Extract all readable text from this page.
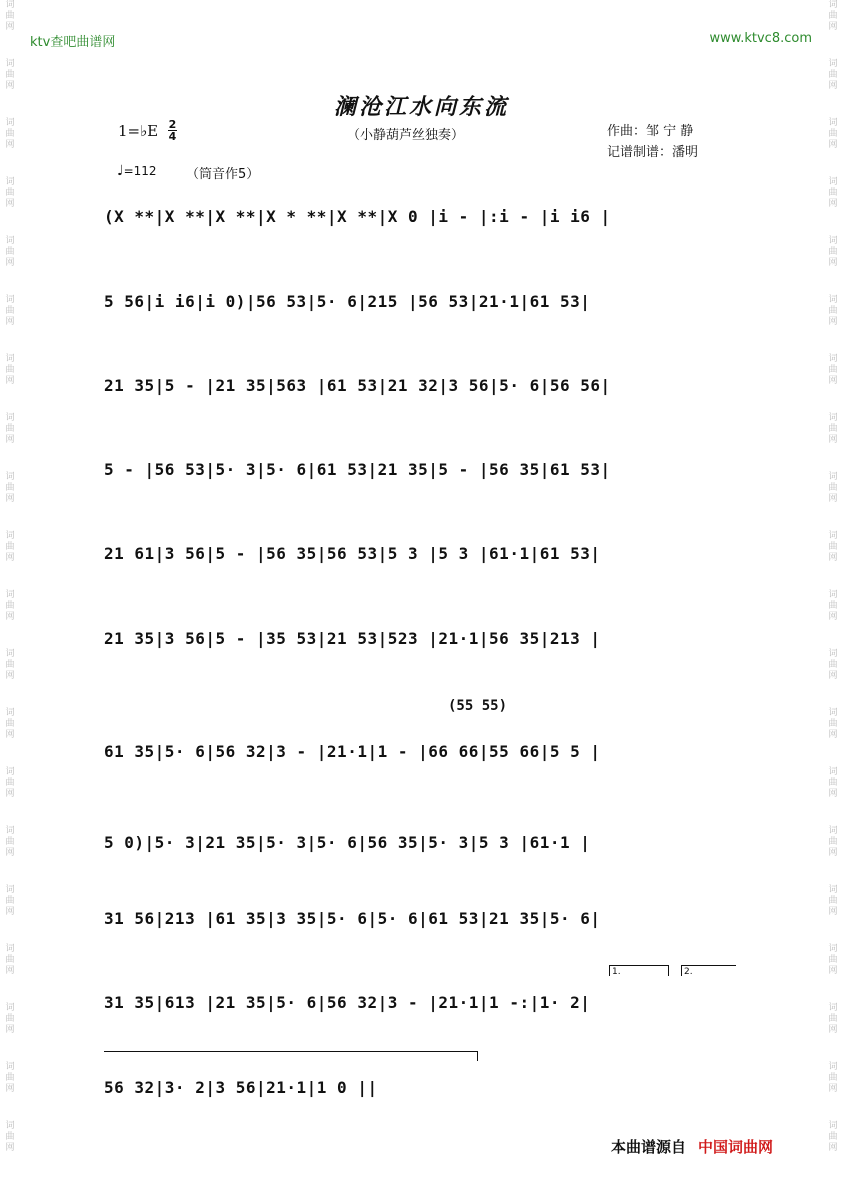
词
曲
网
词
曲
网
词
曲
网
词
曲
网
词
曲
网
词
曲
网
词
曲
网
词
曲
网
词
曲
网
词
曲
网
词
曲
网
词
曲
网
词
曲
网
词
曲
网
词
曲
网
词
曲
网
词
曲
网
词
曲
网
词
曲
网
词
曲
网
词
曲
网
词
曲
网
词
曲
网
词
曲
网
词
曲
网
词
曲
网
词
曲
网
词
曲
网
词
曲
网
词
曲
网
词
曲
网
词
曲
网
词
曲
网
词
曲
网
词
曲
网
词
曲
网
词
曲
网
词
曲
网
词
曲
网
词
曲
网
ktv查吧曲谱网	www.ktvc8.com
澜沧江水向东流
（小静葫芦丝独奏）
1=♭E 2
4	作曲：邹 宁 静
记谱制谱：潘明
♩=112 （筒音作5）
(X **|X **|X **|X * **|X **|X 0 |i - |:i - |i i6 |
5 56|i i6|i 0)|56 53|5· 6|215 |56 53|21·1|61 53|
21 35|5 - |21 35|563 |61 53|21 32|3 56|5· 6|56 56|
5 - |56 53|5· 3|5· 6|61 53|21 35|5 - |56 35|61 53|
21 61|3 56|5 - |56 35|56 53|5 3 |5 3 |61·1|61 53|
21 35|3 56|5 - |35 53|21 53|523 |21·1|56 35|213 |
(55 55)
61 35|5· 6|56 32|3 - |21·1|1 - |66 66|55 66|5 5 |
5 0)|5· 3|21 35|5· 3|5· 6|56 35|5· 3|5 3 |61·1 |
31 56|213 |61 35|3 35|5· 6|5· 6|61 53|21 35|5· 6|
1.	2.
31 35|613 |21 35|5· 6|56 32|3 - |21·1|1 -:|1· 2|
56 32|3· 2|3 56|21·1|1 0 ||
本曲谱源自 中国词曲网
